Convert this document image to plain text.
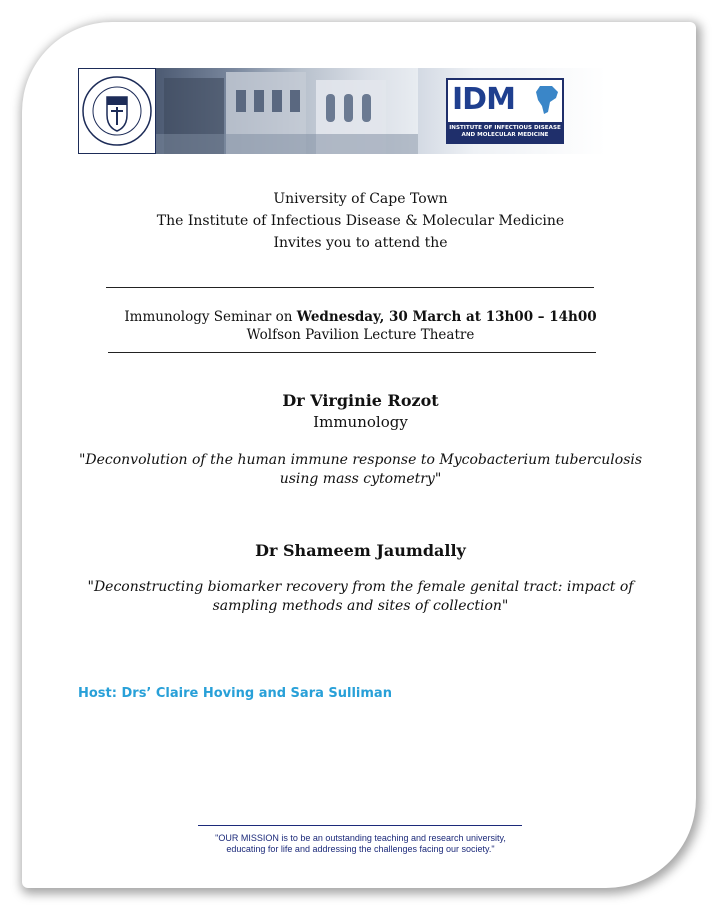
IDM
INSTITUTE OF INFECTIOUS DISEASE
AND MOLECULAR MEDICINE
University of Cape Town
The Institute of Infectious Disease & Molecular Medicine
Invites you to attend the
Immunology Seminar on Wednesday, 30 March at 13h00 – 14h00
Wolfson Pavilion Lecture Theatre
Dr Virginie Rozot
Immunology
"Deconvolution of the human immune response to Mycobacterium tuberculosis
using mass cytometry"
Dr Shameem Jaumdally
"Deconstructing biomarker recovery from the female genital tract: impact of
sampling methods and sites of collection"
Host: Drs’ Claire Hoving and Sara Sulliman
"OUR MISSION is to be an outstanding teaching and research university,
educating for life and addressing the challenges facing our society."
